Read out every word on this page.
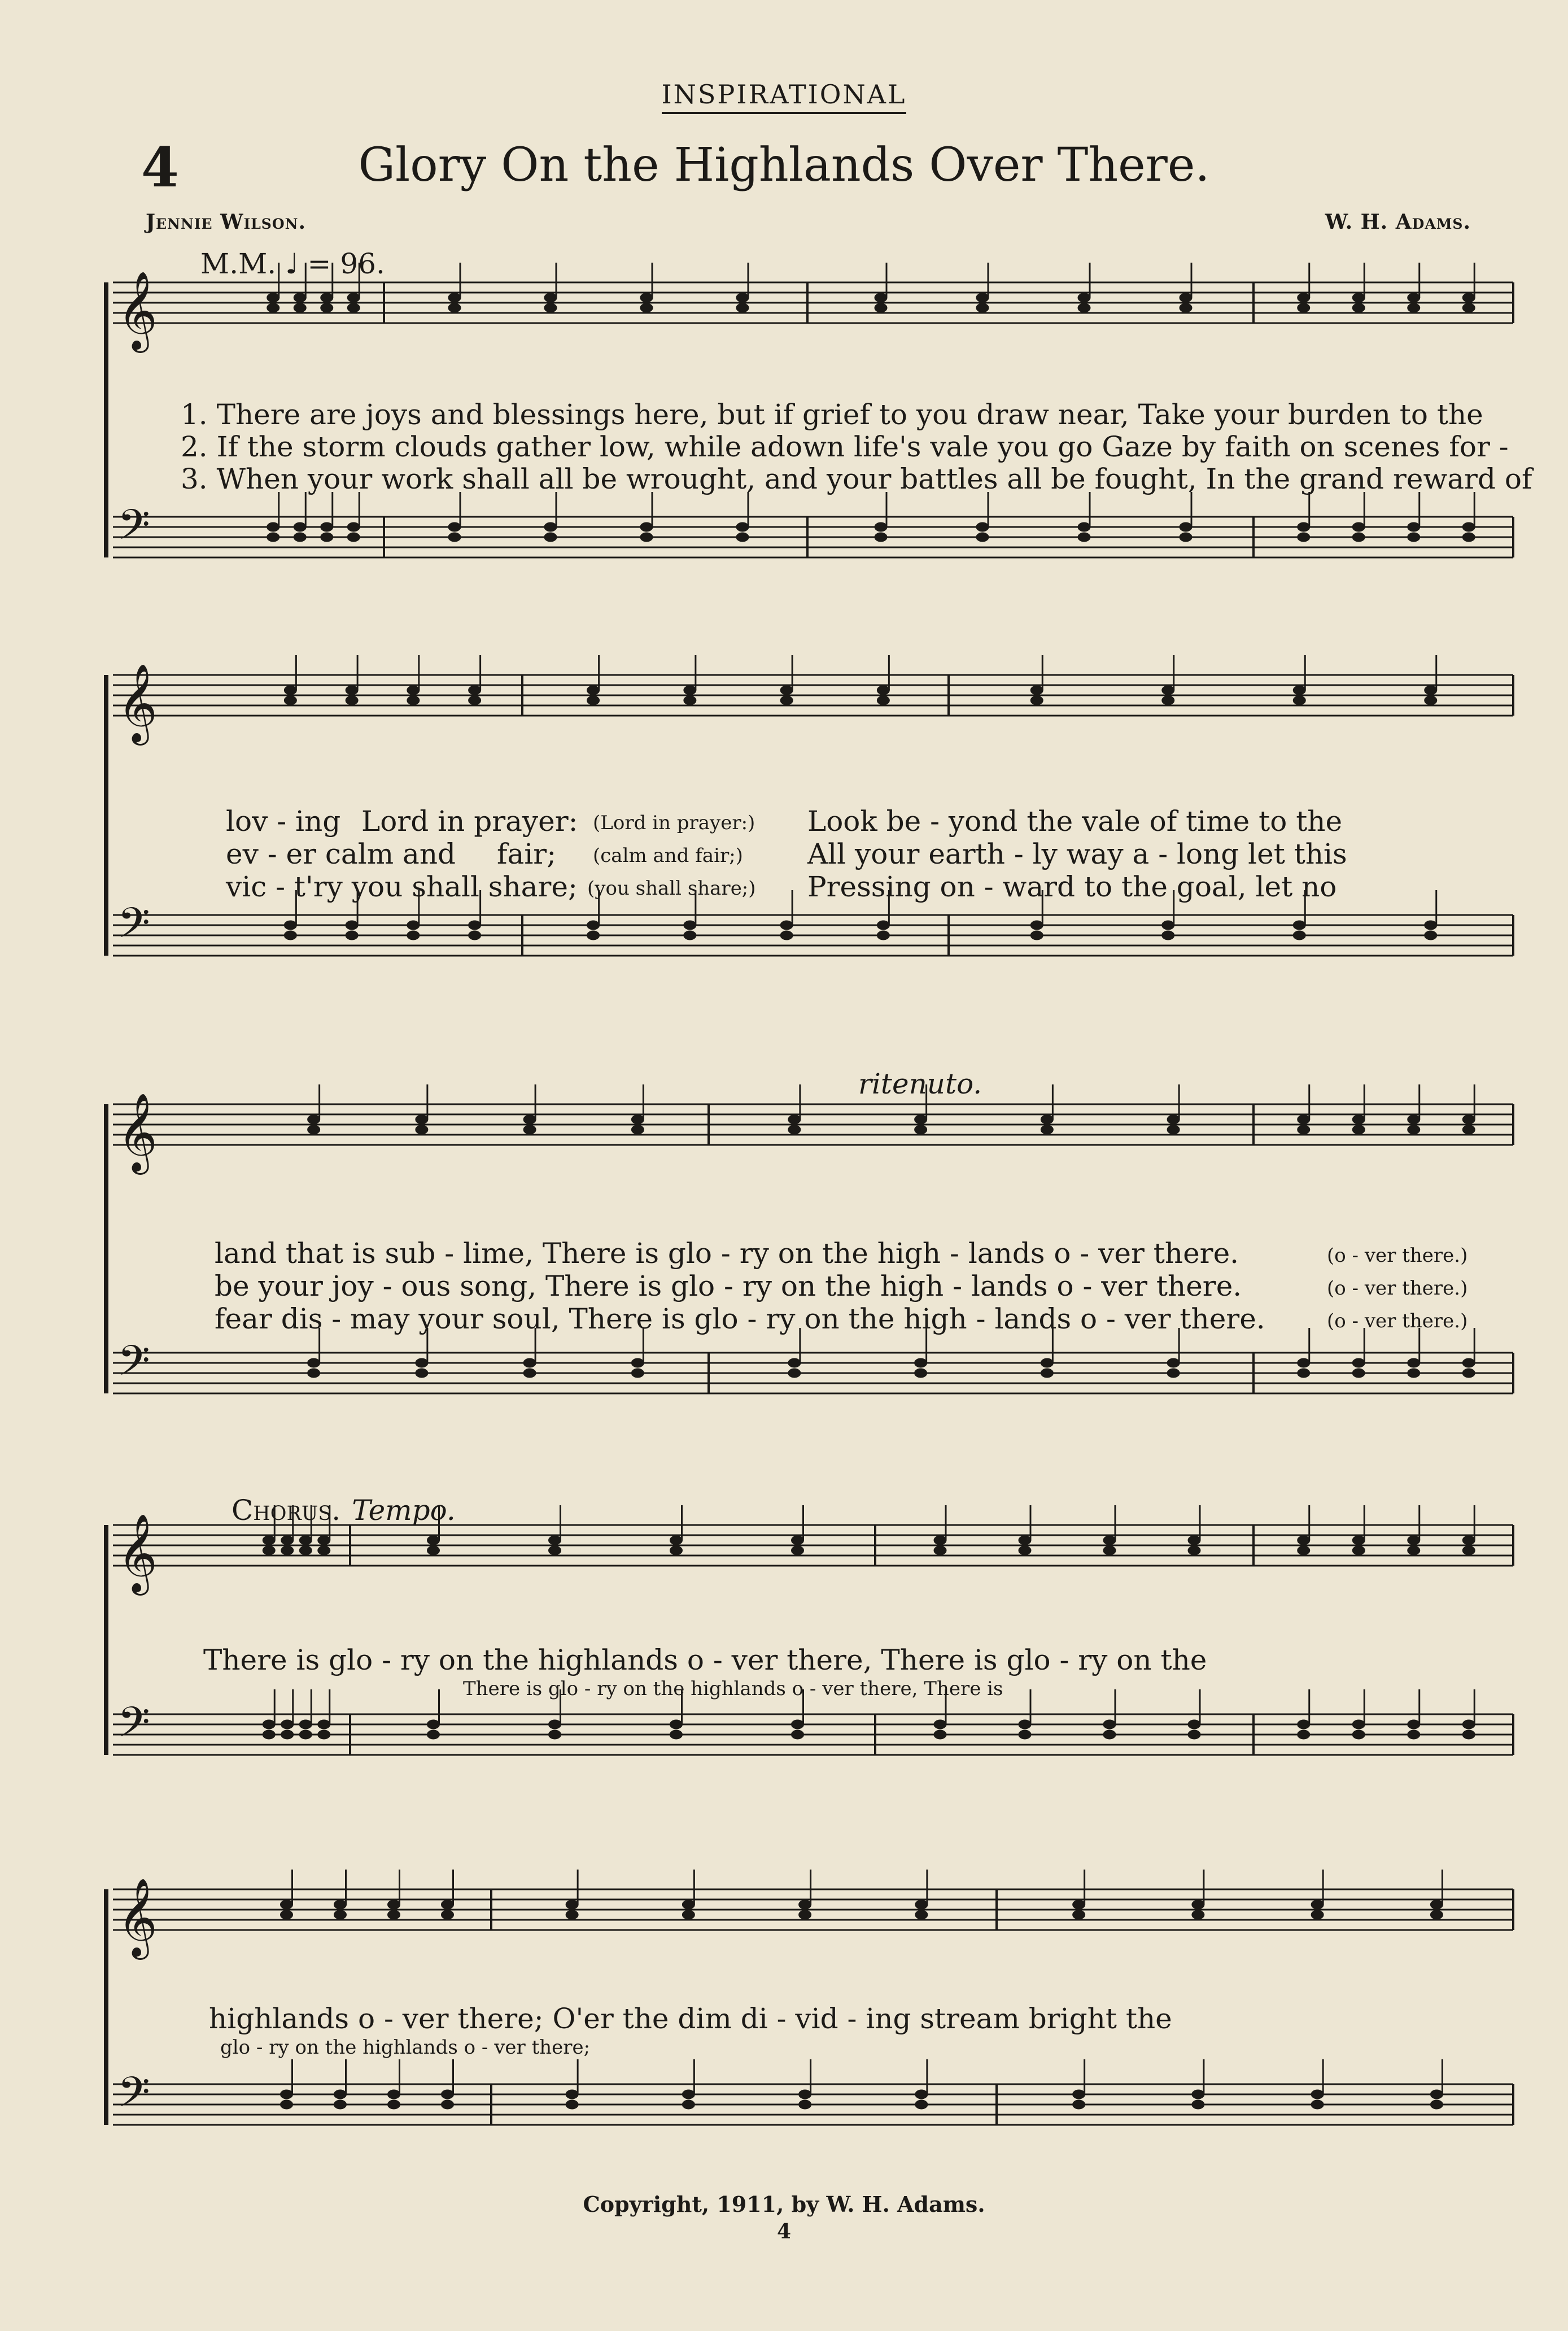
𝄞
𝄢
𝄞
𝄢
𝄞
𝄢
𝄞
𝄢
𝄞
𝄢
INSPIRATIONAL
4	Glory On the Highlands Over There.
Jennie Wilson.	W. H. Adams.
M.M. ♩ = 96.
1. There are joys and blessings here, but if grief to you draw near, Take your burden to the
2. If the storm clouds gather low, while adown life's vale you go Gaze by faith on scenes for -
3. When your work shall all be wrought, and your battles all be fought, In the grand reward of
lov - ing Lord in prayer: (Lord in prayer:) Look be - yond the vale of time to the
ev - er calm and fair; (calm and fair;) All your earth - ly way a - long let this
vic - t'ry you shall share; (you shall share;) Pressing on - ward to the goal, let no
ritenuto.
land that is sub - lime, There is glo - ry on the high - lands o - ver there.	(o - ver there.)
be your joy - ous song, There is glo - ry on the high - lands o - ver there.	(o - ver there.)
fear dis - may your soul, There is glo - ry on the high - lands o - ver there.	(o - ver there.)
Chorus. Tempo.
There is glo - ry on the highlands o - ver there, There is glo - ry on the
There is glo - ry on the highlands o - ver there, There is
highlands o - ver there; O'er the dim di - vid - ing stream bright the
glo - ry on the highlands o - ver there;
Copyright, 1911, by W. H. Adams.
4
